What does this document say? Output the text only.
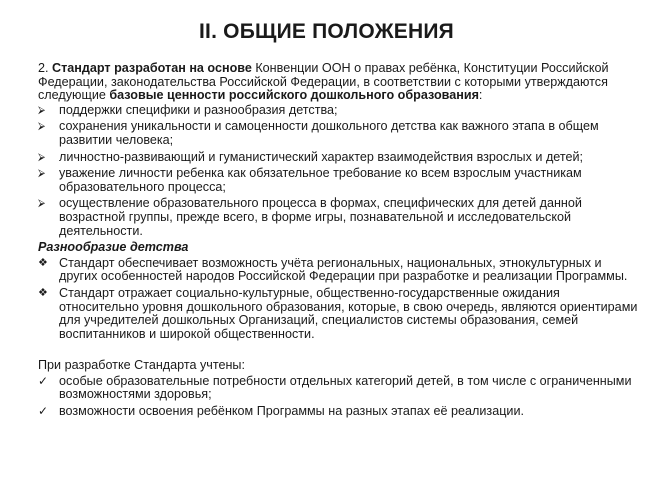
II. ОБЩИЕ ПОЛОЖЕНИЯ

2. Стандарт разработан на основе Конвенции ООН о правах ребёнка, Конституции Российской Федерации, законодательства Российской Федерации, в соответствии с которыми утверждаются следующие базовые ценности российского дошкольного образования:

⮚	поддержки специфики и разнообразия детства;
⮚	сохранения уникальности и самоценности дошкольного детства как важного этапа в общем развитии человека;
⮚	личностно-развивающий и гуманистический характер взаимодействия взрослых и детей;
⮚	уважение личности ребенка как обязательное требование ко всем взрослым участникам образовательного процесса;
⮚	осуществление образовательного процесса в формах, специфических для детей данной возрастной группы, прежде всего, в форме игры, познавательной и исследовательской деятельности.
Разнообразие детства
❖ Стандарт обеспечивает возможность учёта региональных, национальных, этнокультурных и других особенностей народов Российской Федерации при разработке и реализации Программы.
❖ Стандарт отражает социально-культурные, общественно-государственные ожидания относительно уровня дошкольного образования, которые, в свою очередь, являются ориентирами для учредителей дошкольных Организаций, специалистов системы образования, семей воспитанников и широкой общественности.

При разработке Стандарта учтены:

✓ особые образовательные потребности отдельных категорий детей, в том числе с ограниченными возможностями здоровья;
✓ возможности освоения ребёнком Программы на разных этапах её реализации.
